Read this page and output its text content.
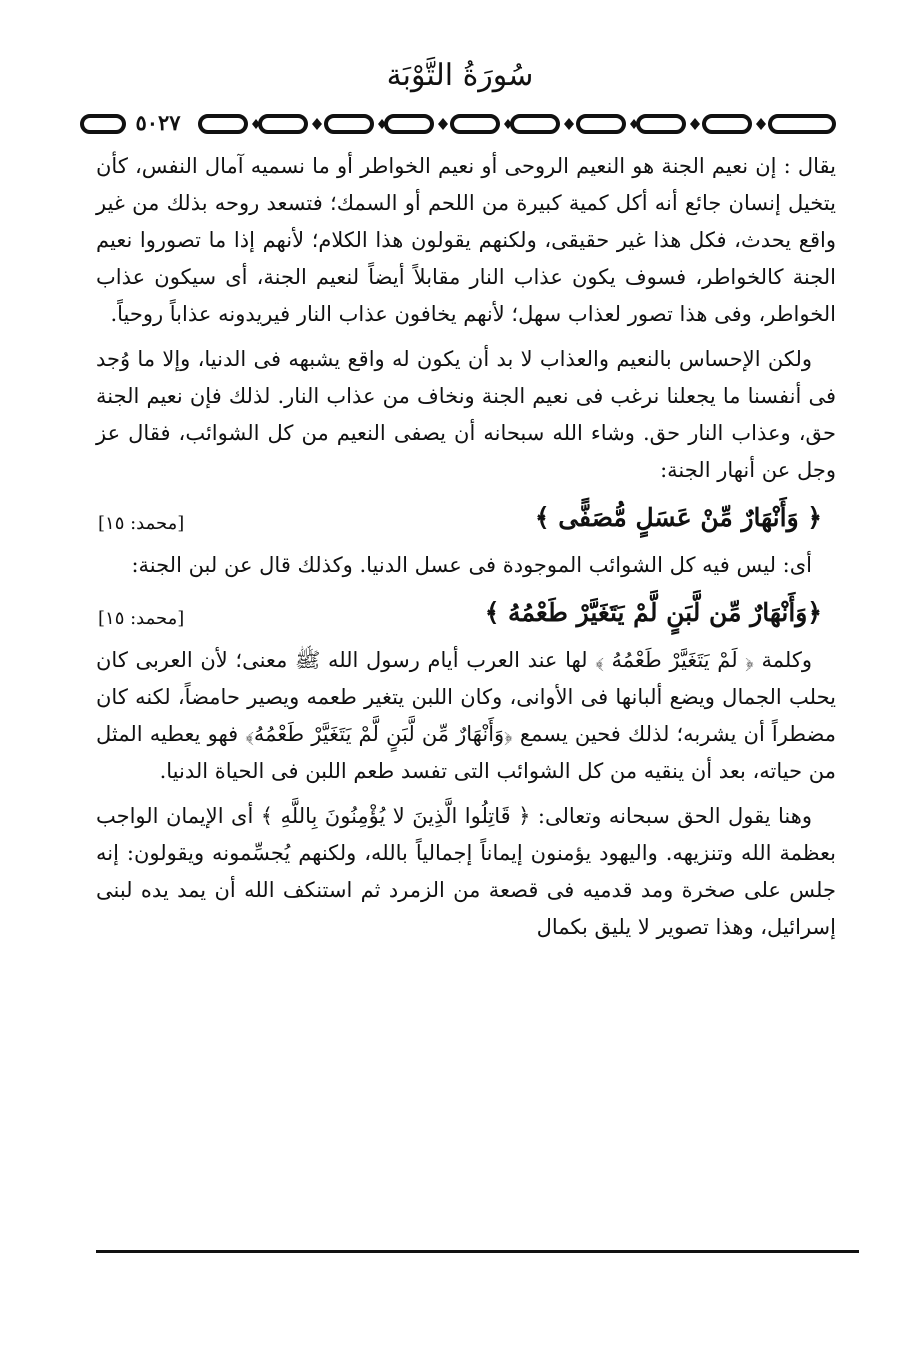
سُورَةُ التَّوْبَة
٥٠٢٧

يقال : إن نعيم الجنة هو النعيم الروحى أو نعيم الخواطر أو ما نسميه آمال النفس، كأن يتخيل إنسان جائع أنه أكل كمية كبيرة من اللحم أو السمك؛ فتسعد روحه بذلك من غير واقع يحدث، فكل هذا غير حقيقى، ولكنهم يقولون هذا الكلام؛ لأنهم إذا ما تصوروا نعيم الجنة كالخواطر، فسوف يكون عذاب النار مقابلاً أيضاً لنعيم الجنة، أى سيكون عذاب الخواطر، وفى هذا تصور لعذاب سهل؛ لأنهم يخافون عذاب النار فيريدونه عذاباً روحياً.

ولكن الإحساس بالنعيم والعذاب لا بد أن يكون له واقع يشبهه فى الدنيا، وإلا ما وُجد فى أنفسنا ما يجعلنا نرغب فى نعيم الجنة ونخاف من عذاب النار. لذلك فإن نعيم الجنة حق، وعذاب النار حق. وشاء الله سبحانه أن يصفى النعيم من كل الشوائب، فقال عز وجل عن أنهار الجنة:

﴿ وَأَنْهَارٌ مِّنْ عَسَلٍ مُّصَفًّى ﴾
[محمد: ١٥]

أى: ليس فيه كل الشوائب الموجودة فى عسل الدنيا. وكذلك قال عن لبن الجنة:

﴿وَأَنْهَارٌ مِّن لَّبَنٍ لَّمْ يَتَغَيَّرْ طَعْمُهُ ﴾
[محمد: ١٥]

وكلمة ﴿ لَمْ يَتَغَيَّرْ طَعْمُهُ ﴾ لها عند العرب أيام رسول الله ﷺ معنى؛ لأن العربى كان يحلب الجمال ويضع ألبانها فى الأوانى، وكان اللبن يتغير طعمه ويصير حامضاً، لكنه كان مضطراً أن يشربه؛ لذلك فحين يسمع ﴿وَأَنْهَارٌ مِّن لَّبَنٍ لَّمْ يَتَغَيَّرْ طَعْمُهُ﴾ فهو يعطيه المثل من حياته، بعد أن ينقيه من كل الشوائب التى تفسد طعم اللبن فى الحياة الدنيا.

وهنا يقول الحق سبحانه وتعالى: ﴿ قَاتِلُوا الَّذِينَ لا يُؤْمِنُونَ بِاللَّهِ ﴾ أى الإيمان الواجب بعظمة الله وتنزيهه. واليهود يؤمنون إيماناً إجمالياً بالله، ولكنهم يُجسِّمونه ويقولون: إنه جلس على صخرة ومد قدميه فى قصعة من الزمرد ثم استنكف الله أن يمد يده لبنى إسرائيل، وهذا تصوير لا يليق بكمال
